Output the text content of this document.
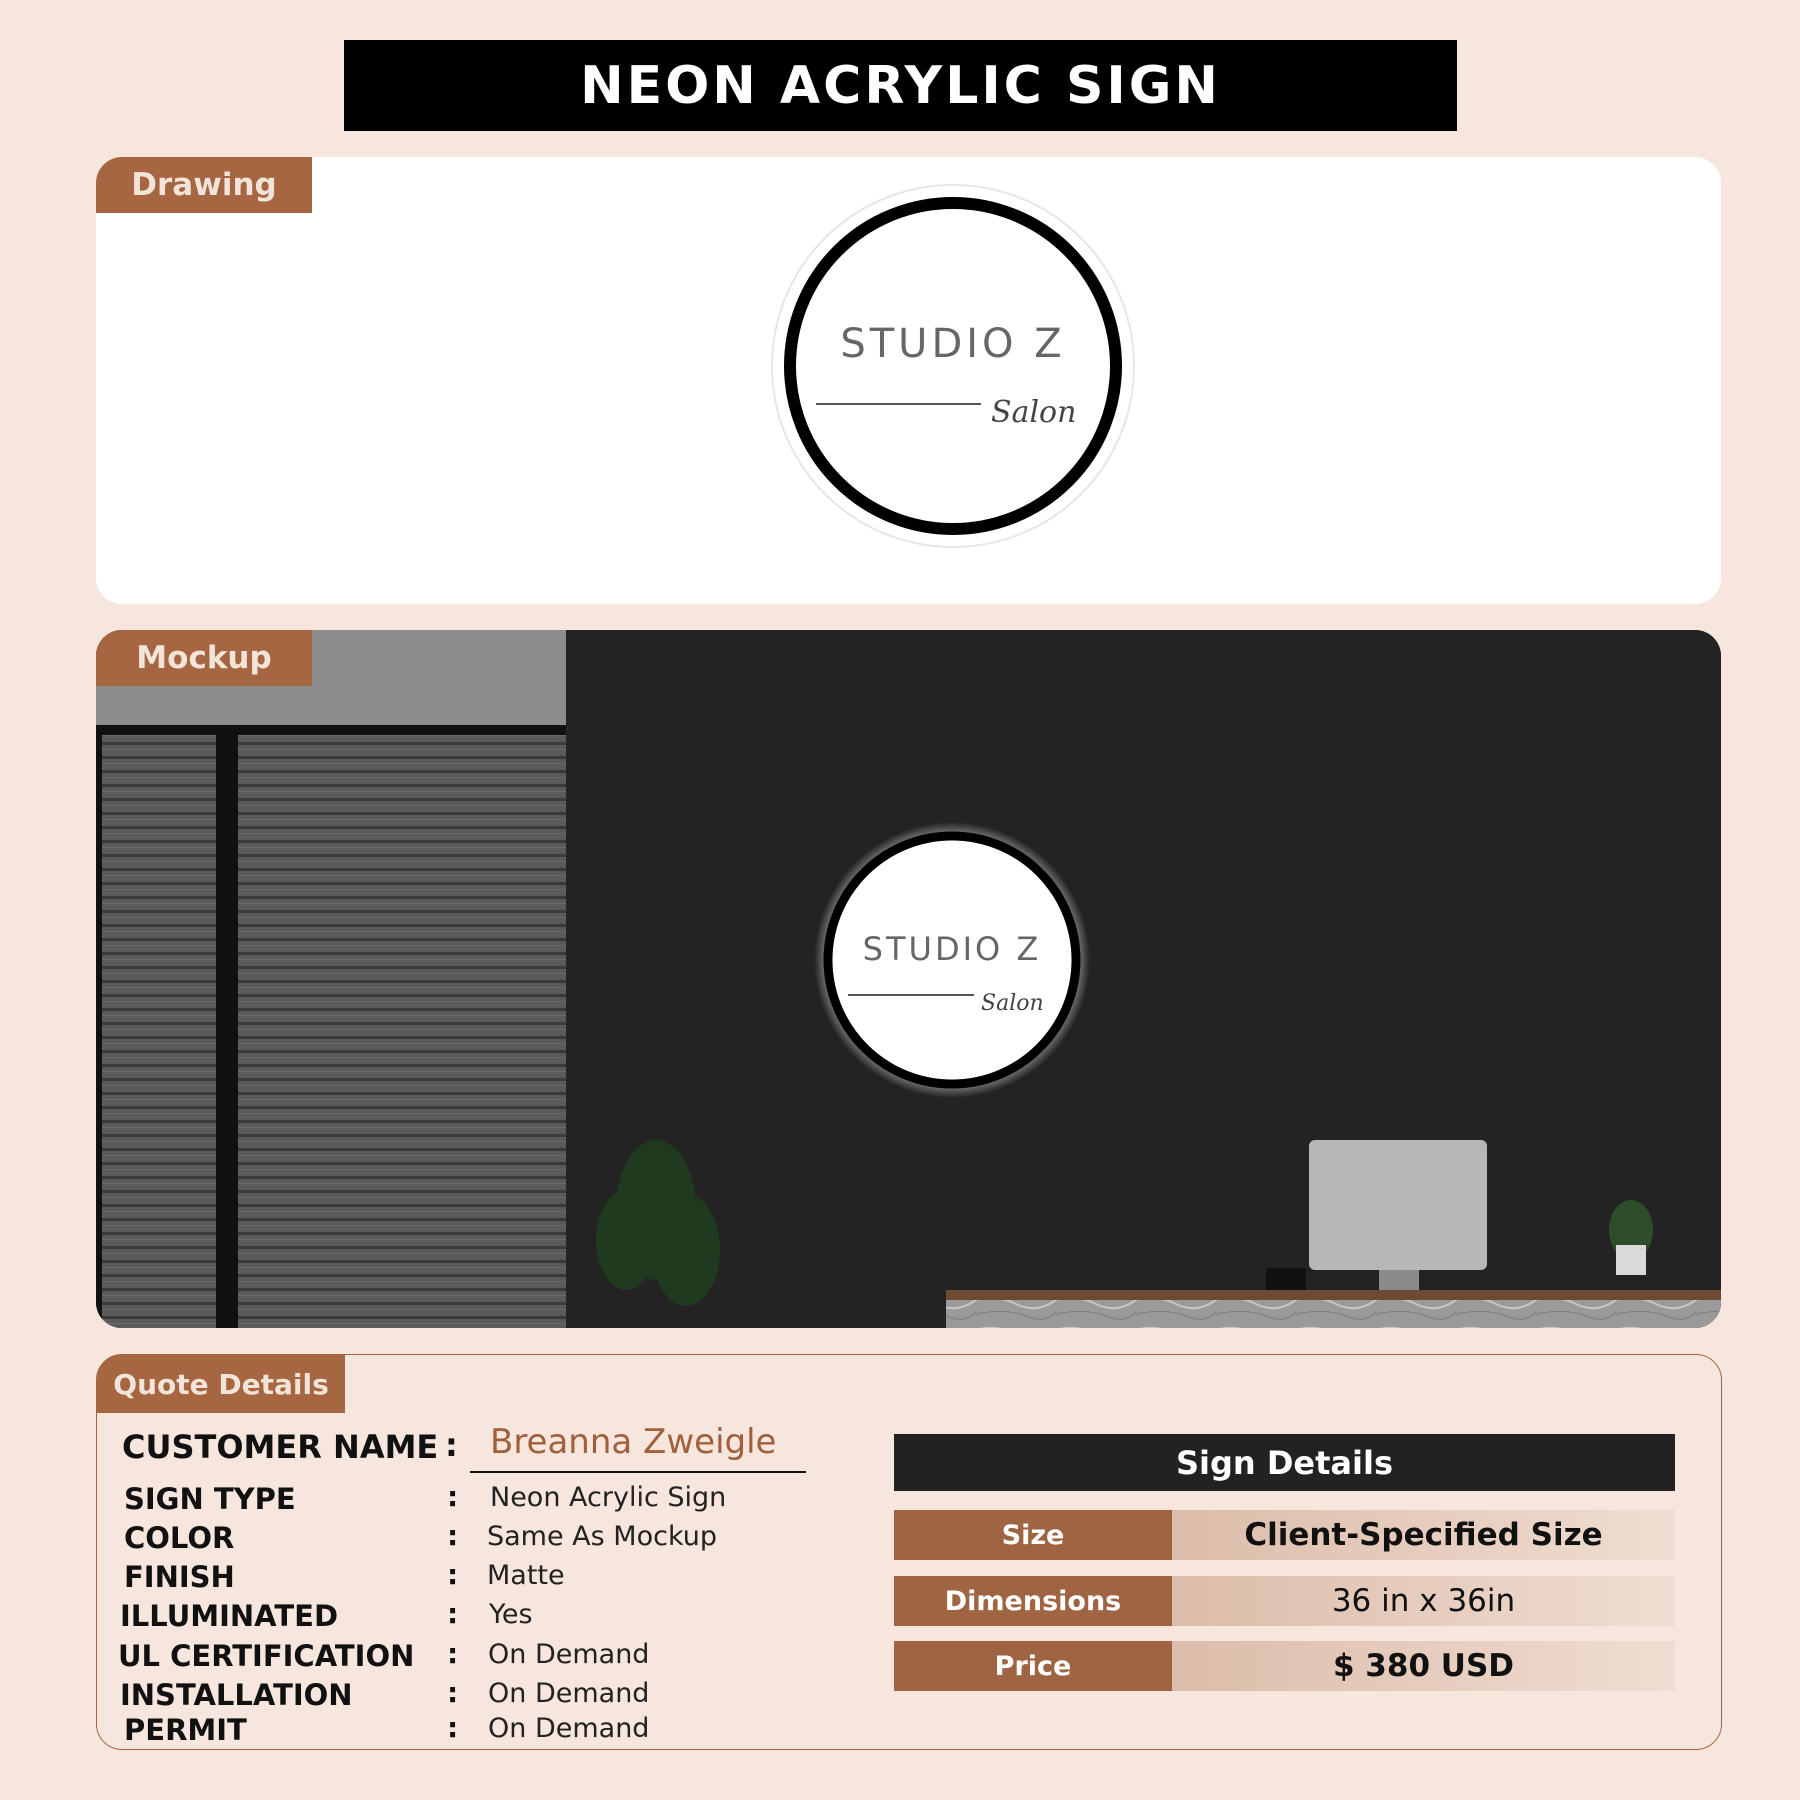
NEON ACRYLIC SIGN
Drawing
STUDIO Z
Salon
STUDIO Z
Salon
Mockup
Quote Details
CUSTOMER NAME : Breanna Zweigle
SIGN TYPE	: Neon Acrylic Sign
COLOR	: Same As Mockup
FINISH	: Matte
ILLUMINATED	: Yes
UL CERTIFICATION : On Demand
INSTALLATION	: On Demand
PERMIT	: On Demand
Sign Details
Size	Client-Specified Size
Dimensions	36 in x 36in
Price	$ 380 USD
